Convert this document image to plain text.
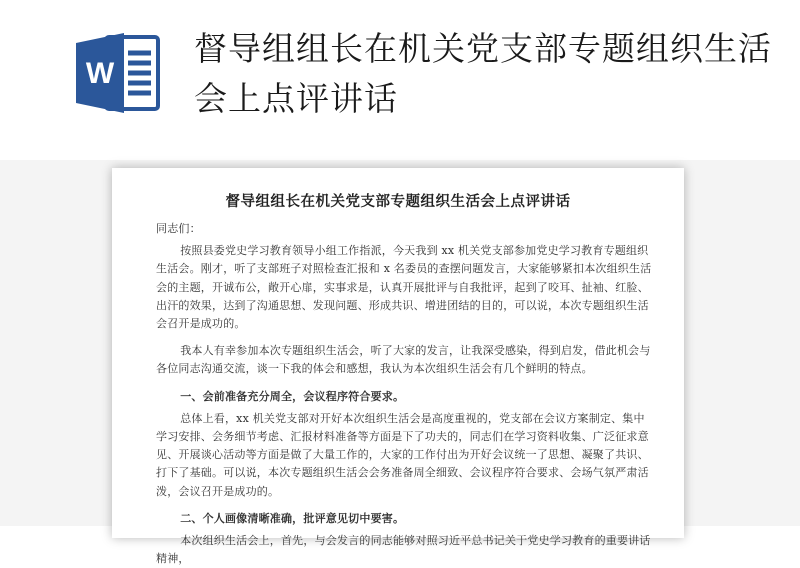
W
督导组组长在机关党支部专题组织生活会上点评讲话
督导组组长在机关党支部专题组织生活会上点评讲话

同志们：

按照县委党史学习教育领导小组工作指派，今天我到 xx 机关党支部参加党史学习教育专题组织生活会。刚才，听了支部班子对照检查汇报和 x 名委员的查摆问题发言，大家能够紧扣本次组织生活会的主题，开诚布公，敞开心扉，实事求是，认真开展批评与自我批评，起到了咬耳、扯袖、红脸、出汗的效果，达到了沟通思想、发现问题、形成共识、增进团结的目的，可以说，本次专题组织生活会召开是成功的。

我本人有幸参加本次专题组织生活会，听了大家的发言，让我深受感染，得到启发，借此机会与各位同志沟通交流，谈一下我的体会和感想，我认为本次组织生活会有几个鲜明的特点。

一、会前准备充分周全，会议程序符合要求。

总体上看，xx 机关党支部对开好本次组织生活会是高度重视的，党支部在会议方案制定、集中学习安排、会务细节考虑、汇报材料准备等方面是下了功夫的，同志们在学习资料收集、广泛征求意见、开展谈心活动等方面是做了大量工作的，大家的工作付出为开好会议统一了思想、凝聚了共识、打下了基础。可以说，本次专题组织生活会会务准备周全细致、会议程序符合要求、会场气氛严肃活泼，会议召开是成功的。

二、个人画像清晰准确，批评意见切中要害。

本次组织生活会上，首先，与会发言的同志能够对照习近平总书记关于党史学习教育的重要讲话精神，
